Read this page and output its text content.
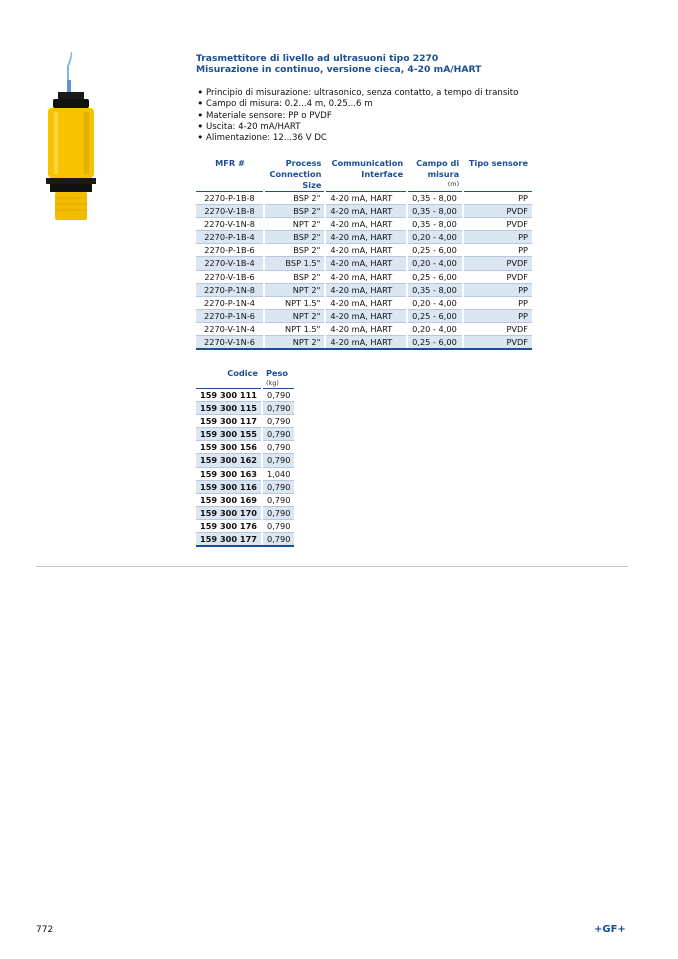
Trasmettitore di livello ad ultrasuoni tipo 2270
Misurazione in continuo, versione cieca, 4-20 mA/HART
• Principio di misurazione: ultrasonico, senza contatto, a tempo di transito
• Campo di misura: 0.2...4 m, 0.25...6 m
• Materiale sensore: PP o PVDF
• Uscita: 4-20 mA/HART
• Alimentazione: 12...36 V DC
MFR #	Process
Connection
Size	Communication
Interface	Campo di
misura
(m)	Tipo sensore
2270-P-1B-8	BSP 2"	4-20 mA, HART	0,35 - 8,00	PP
2270-V-1B-8	BSP 2"	4-20 mA, HART	0,35 - 8,00	PVDF
2270-V-1N-8	NPT 2"	4-20 mA, HART	0,35 - 8,00	PVDF
2270-P-1B-4	BSP 2"	4-20 mA, HART	0,20 - 4,00	PP
2270-P-1B-6	BSP 2"	4-20 mA, HART	0,25 - 6,00	PP
2270-V-1B-4	BSP 1.5"	4-20 mA, HART	0,20 - 4,00	PVDF
2270-V-1B-6	BSP 2"	4-20 mA, HART	0,25 - 6,00	PVDF
2270-P-1N-8	NPT 2"	4-20 mA, HART	0,35 - 8,00	PP
2270-P-1N-4	NPT 1.5"	4-20 mA, HART	0,20 - 4,00	PP
2270-P-1N-6	NPT 2"	4-20 mA, HART	0,25 - 6,00	PP
2270-V-1N-4	NPT 1.5"	4-20 mA, HART	0,20 - 4,00	PVDF
2270-V-1N-6	NPT 2"	4-20 mA, HART	0,25 - 6,00	PVDF
Codice	Peso
(kg)

159 300 111	0,790
159 300 115	0,790
159 300 117	0,790
159 300 155	0,790
159 300 156	0,790
159 300 162	0,790
159 300 163	1,040
159 300 116	0,790
159 300 169	0,790
159 300 170	0,790
159 300 176	0,790
159 300 177	0,790
772	+GF+
